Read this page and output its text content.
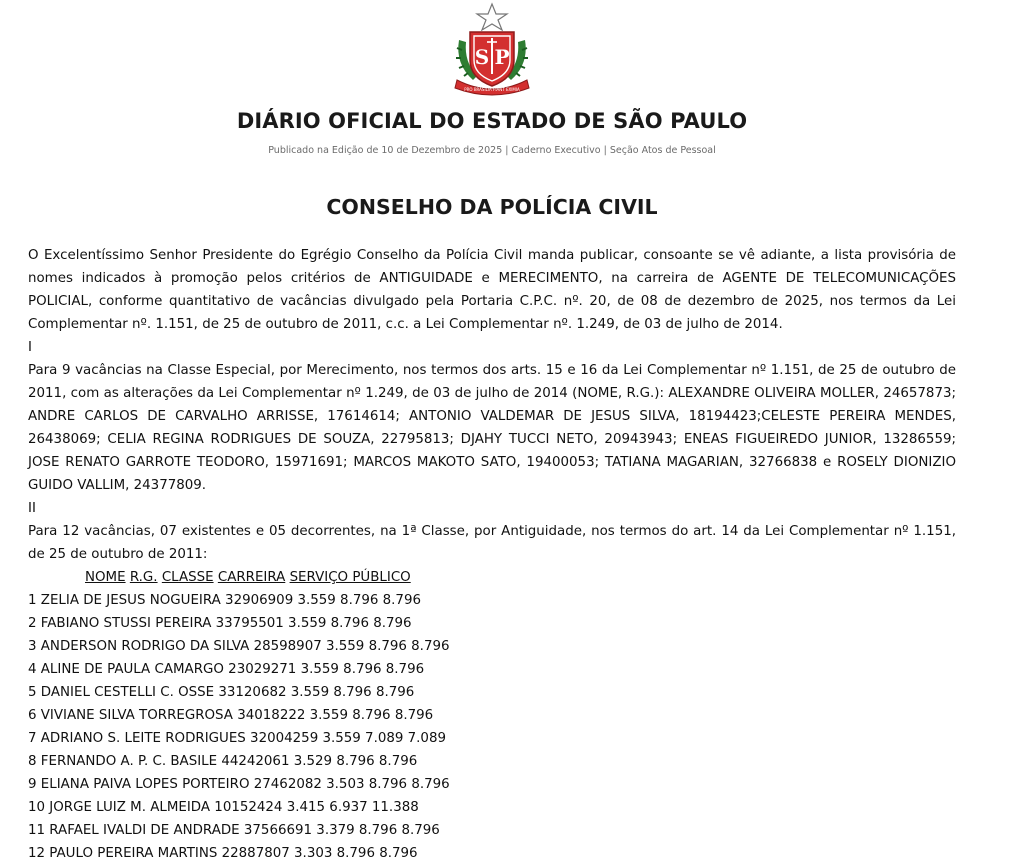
S P
PRO BRASILIA FIANT EXIMIA
DIÁRIO OFICIAL DO ESTADO DE SÃO PAULO
Publicado na Edição de 10 de Dezembro de 2025 | Caderno Executivo | Seção Atos de Pessoal
CONSELHO DA POLÍCIA CIVIL

O Excelentíssimo Senhor Presidente do Egrégio Conselho da Polícia Civil manda publicar, consoante se vê adiante, a lista provisória de nomes indicados à promoção pelos critérios de ANTIGUIDADE e MERECIMENTO, na carreira de AGENTE DE TELECOMUNICAÇÕES POLICIAL, conforme quantitativo de vacâncias divulgado pela Portaria C.P.C. nº. 20, de 08 de dezembro de 2025, nos termos da Lei Complementar nº. 1.151, de 25 de outubro de 2011, c.c. a Lei Complementar nº. 1.249, de 03 de julho de 2014.

I

Para 9 vacâncias na Classe Especial, por Merecimento, nos termos dos arts. 15 e 16 da Lei Complementar nº 1.151, de 25 de outubro de 2011, com as alterações da Lei Complementar nº 1.249, de 03 de julho de 2014 (NOME, R.G.): ALEXANDRE OLIVEIRA MOLLER, 24657873; ANDRE CARLOS DE CARVALHO ARRISSE, 17614614; ANTONIO VALDEMAR DE JESUS SILVA, 18194423;CELESTE PEREIRA MENDES, 26438069; CELIA REGINA RODRIGUES DE SOUZA, 22795813; DJAHY TUCCI NETO, 20943943; ENEAS FIGUEIREDO JUNIOR, 13286559; JOSE RENATO GARROTE TEODORO, 15971691; MARCOS MAKOTO SATO, 19400053; TATIANA MAGARIAN, 32766838 e ROSELY DIONIZIO GUIDO VALLIM, 24377809.

II

Para 12 vacâncias, 07 existentes e 05 decorrentes, na 1ª Classe, por Antiguidade, nos termos do art. 14 da Lei Complementar nº 1.151, de 25 de outubro de 2011:

NOME R.G. CLASSE CARREIRA SERVIÇO PÚBLICO

1 ZELIA DE JESUS NOGUEIRA 32906909 3.559 8.796 8.796

2 FABIANO STUSSI PEREIRA 33795501 3.559 8.796 8.796

3 ANDERSON RODRIGO DA SILVA 28598907 3.559 8.796 8.796

4 ALINE DE PAULA CAMARGO 23029271 3.559 8.796 8.796

5 DANIEL CESTELLI C. OSSE 33120682 3.559 8.796 8.796

6 VIVIANE SILVA TORREGROSA 34018222 3.559 8.796 8.796

7 ADRIANO S. LEITE RODRIGUES 32004259 3.559 7.089 7.089

8 FERNANDO A. P. C. BASILE 44242061 3.529 8.796 8.796

9 ELIANA PAIVA LOPES PORTEIRO 27462082 3.503 8.796 8.796

10 JORGE LUIZ M. ALMEIDA 10152424 3.415 6.937 11.388

11 RAFAEL IVALDI DE ANDRADE 37566691 3.379 8.796 8.796

12 PAULO PEREIRA MARTINS 22887807 3.303 8.796 8.796
